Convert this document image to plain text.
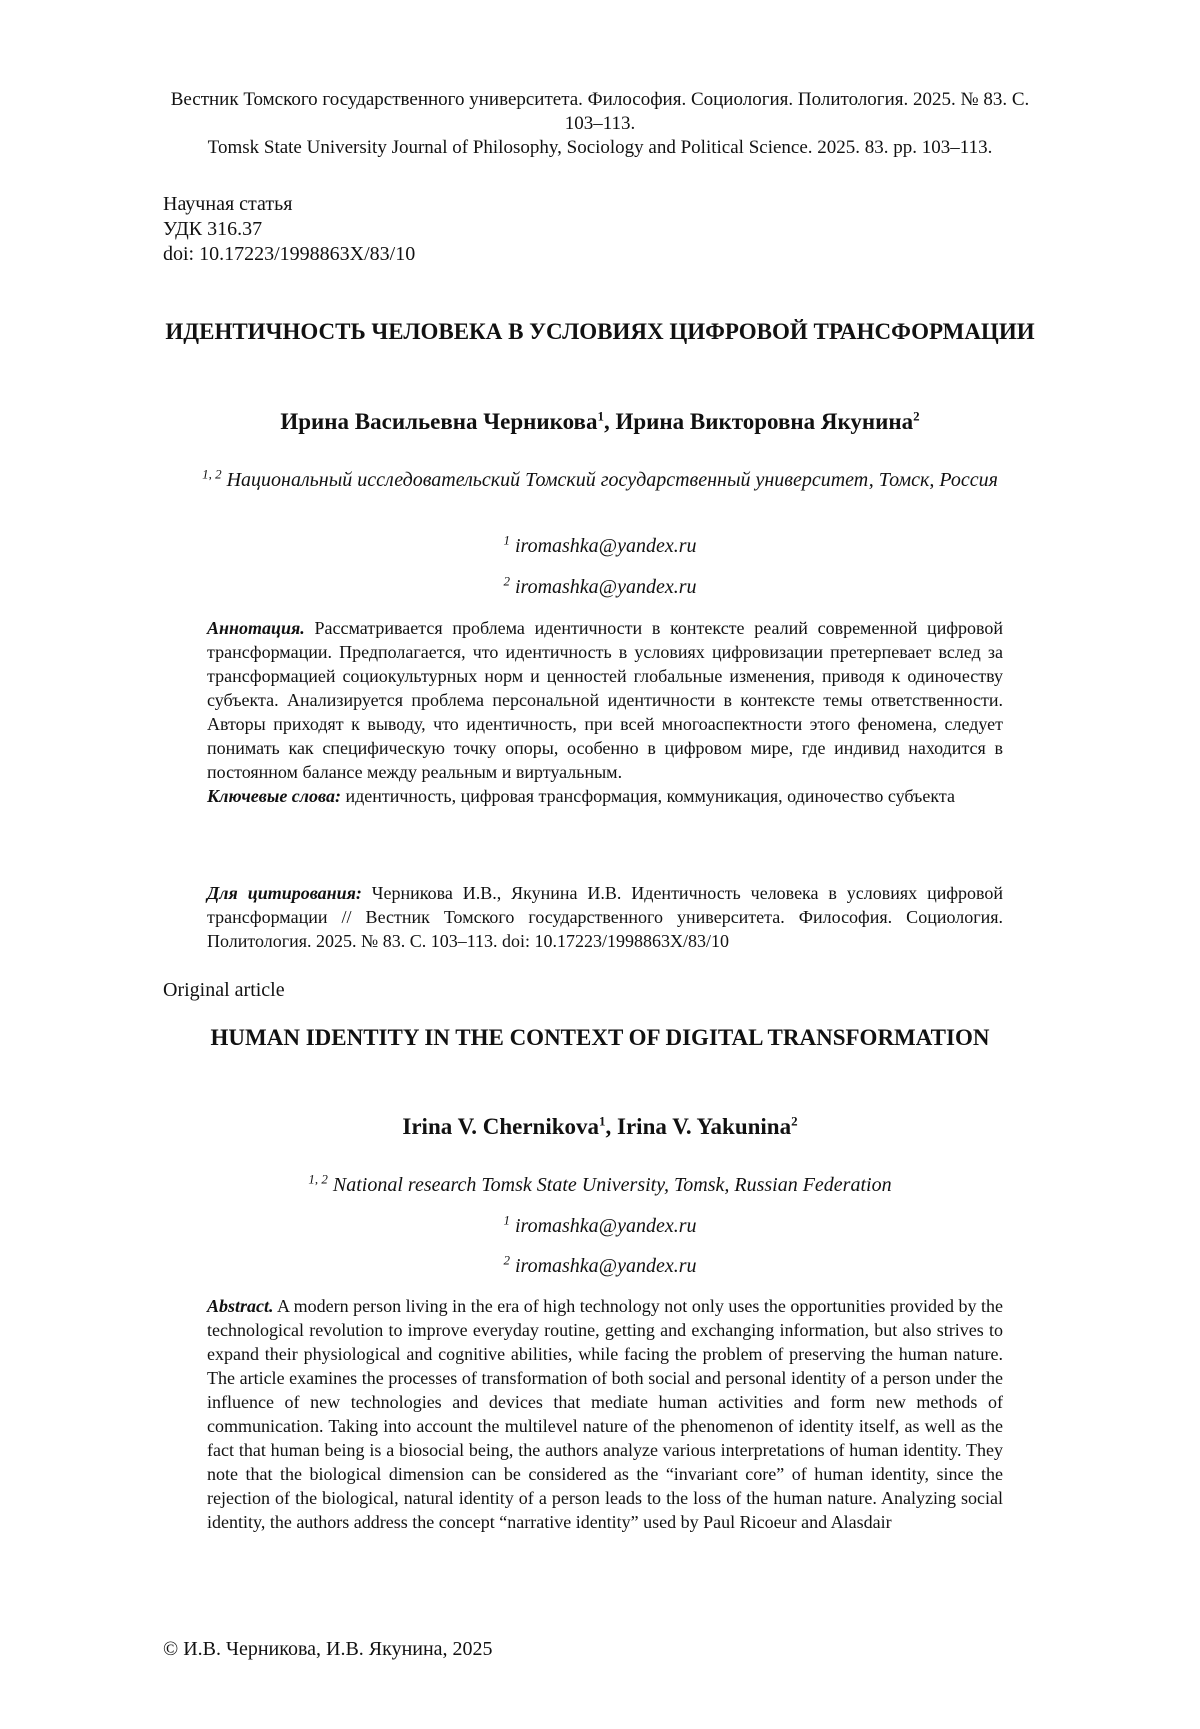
Вестник Томского государственного университета. Философия. Социология. Политология. 2025. № 83. С. 103–113.
Tomsk State University Journal of Philosophy, Sociology and Political Science. 2025. 83. pp. 103–113.
Научная статья
УДК 316.37
doi: 10.17223/1998863X/83/10
ИДЕНТИЧНОСТЬ ЧЕЛОВЕКА В УСЛОВИЯХ ЦИФРОВОЙ ТРАНСФОРМАЦИИ
Ирина Васильевна Черникова$^1$, Ирина Викторовна Якунина$^2$
$^{1, 2}$ Национальный исследовательский Томский государственный университет, Томск, Россия
$^1$ iromashka@yandex.ru
$^2$ iromashka@yandex.ru
Аннотация. Рассматривается проблема идентичности в контексте реалий современной цифровой трансформации. Предполагается, что идентичность в условиях цифровизации претерпевает вслед за трансформацией социокультурных норм и ценностей глобальные изменения, приводя к одиночеству субъекта. Анализируется проблема персональной идентичности в контексте темы ответственности. Авторы приходят к выводу, что идентичность, при всей многоаспектности этого феномена, следует понимать как специфическую точку опоры, особенно в цифровом мире, где индивид находится в постоянном балансе между реальным и виртуальным.
Ключевые слова: идентичность, цифровая трансформация, коммуникация, одиночество субъекта
Для цитирования: Черникова И.В., Якунина И.В. Идентичность человека в условиях цифровой трансформации // Вестник Томского государственного университета. Философия. Социология. Политология. 2025. № 83. С. 103–113. doi: 10.17223/1998863X/83/10
Original article
HUMAN IDENTITY IN THE CONTEXT OF DIGITAL TRANSFORMATION
Irina V. Chernikova$^1$, Irina V. Yakunina$^2$
$^{1, 2}$ National research Tomsk State University, Tomsk, Russian Federation
$^1$ iromashka@yandex.ru
$^2$ iromashka@yandex.ru
Abstract. A modern person living in the era of high technology not only uses the opportunities provided by the technological revolution to improve everyday routine, getting and exchanging information, but also strives to expand their physiological and cognitive abilities, while facing the problem of preserving the human nature. The article examines the processes of transformation of both social and personal identity of a person under the influence of new technologies and devices that mediate human activities and form new methods of communication. Taking into account the multilevel nature of the phenomenon of identity itself, as well as the fact that human being is a biosocial being, the authors analyze various interpretations of human identity. They note that the biological dimension can be considered as the “invariant core” of human identity, since the rejection of the biological, natural identity of a person leads to the loss of the human nature. Analyzing social identity, the authors address the concept “narrative identity” used by Paul Ricoeur and Alasdair
© И.В. Черникова, И.В. Якунина, 2025
